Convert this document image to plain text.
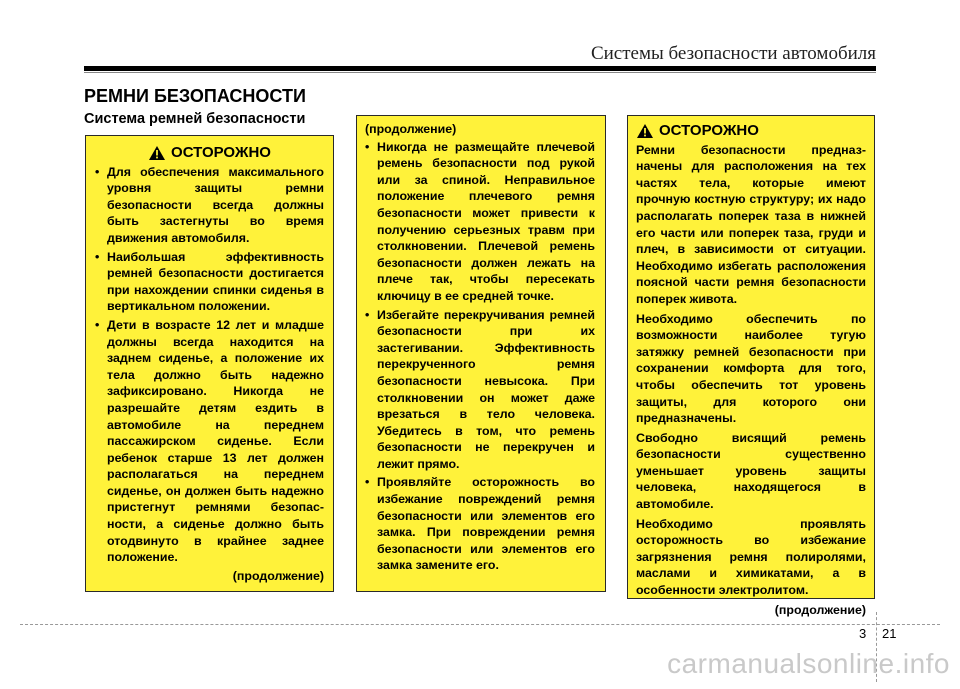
Системы безопасности автомобиля
РЕМНИ БЕЗОПАСНОСТИ
Система ремней безопасности
ОСТОРОЖНО
• Для обеспечения максимального уровня защиты ремни безопасности всегда должны быть застегнуты во время движения автомобиля.
• Наибольшая эффективность ремней безопасности достигается при нахождении спинки сиденья в вертикальном положении.
• Дети в возрасте 12 лет и младше должны всегда находится на заднем сиденье, а положение их тела должно быть надежно зафиксировано. Никогда не разрешайте детям ездить в автомобиле на переднем пассажирском сиденье. Если ребенок старше 13 лет должен располагаться на переднем сиденье, он должен быть надежно пристегнут ремнями безопас-ности, а сиденье должно быть отодвинуто в крайнее заднее положение.
(продолжение)
(продолжение)
• Никогда не размещайте плечевой ремень безопасности под рукой или за спиной. Неправильное положение плечевого ремня безопасности может привести к получению серьезных травм при столкновении. Плечевой ремень безопасности должен лежать на плече так, чтобы пересекать ключицу в ее средней точке.
• Избегайте перекручивания ремней безопасности при их застегивании. Эффективность перекрученного ремня безопасности невысока. При столкновении он может даже врезаться в тело человека. Убедитесь в том, что ремень безопасности не перекручен и лежит прямо.
• Проявляйте осторожность во избежание повреждений ремня безопасности или элементов его замка. При повреждении ремня безопасности или элементов его замка замените его.
ОСТОРОЖНО
Ремни безопасности предназ-начены для расположения на тех частях тела, которые имеют прочную костную структуру; их надо располагать поперек таза в нижней его части или поперек таза, груди и плеч, в зависимости от ситуации. Необходимо избегать расположения поясной части ремня безопасности поперек живота.
Необходимо обеспечить по возможности наиболее тугую затяжку ремней безопасности при сохранении комфорта для того, чтобы обеспечить тот уровень защиты, для которого они предназначены.
Свободно висящий ремень безопасности существенно уменьшает уровень защиты человека, находящегося в автомобиле.
Необходимо проявлять осторожность во избежание загрязнения ремня полиролями, маслами и химикатами, а в особенности электролитом.
(продолжение)
3 21
carmanualsonline.info
